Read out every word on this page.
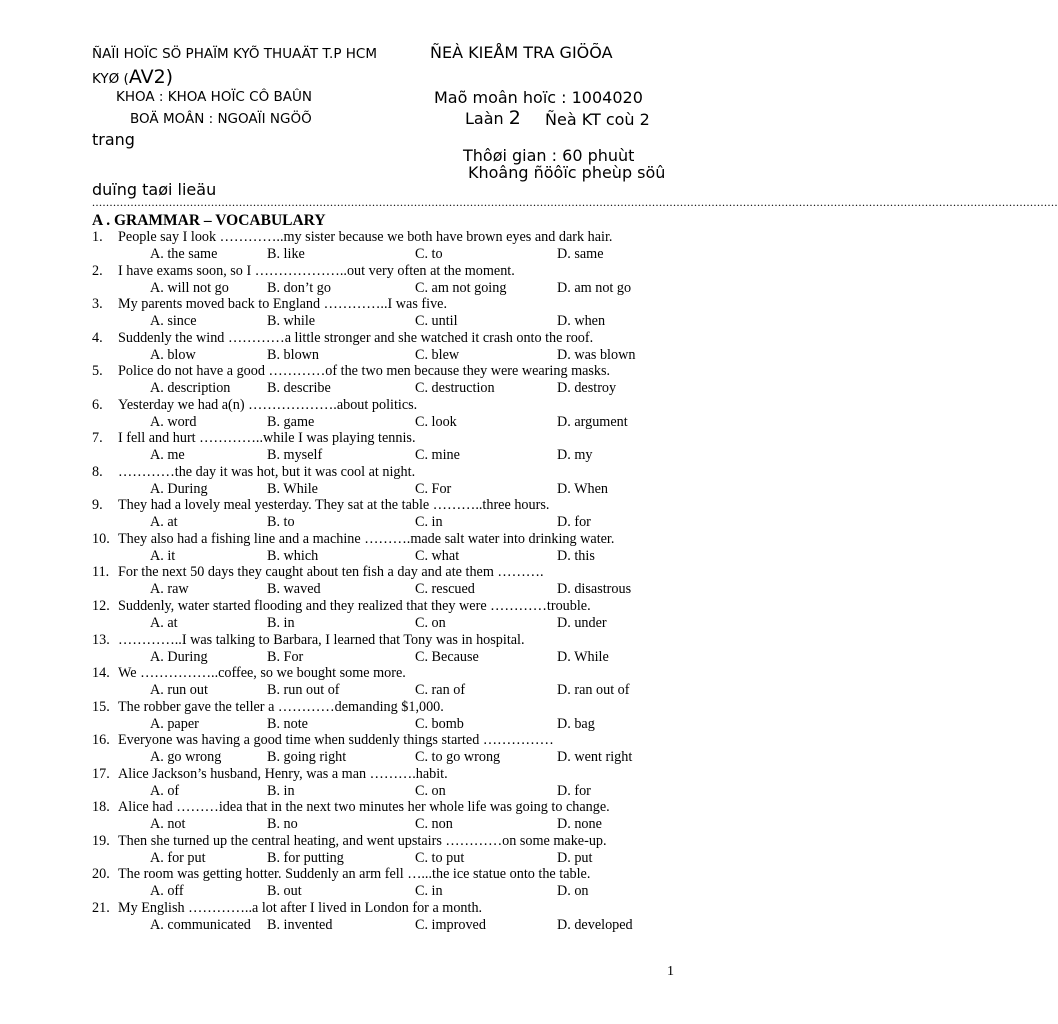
ÑAÏI HOÏC SÖ PHAÏM KYÕ THUAÄT T.P HCM	ÑEÀ KIEÅM TRA GIÖÕA
KYØ (AV2)
KHOA : KHOA HOÏC CÔ BAÛN	Maõ moân hoïc : 1004020
BOÄ MOÂN : NGOAÏI NGÖÕ	Laàn 2 Ñeà KT coù 2
trang
Thôøi gian : 60 phuùt
Khoâng ñöôïc pheùp söû
duïng taøi lieäu
....................................................................................................................................................................................................................................................................................
A . GRAMMAR – VOCABULARY
1. People say I look …………..my sister because we both have brown eyes and dark hair.
A. the same	B. like	C. to	D. same
2. I have exams soon, so I ………………..out very often at the moment.
A. will not go	B. don’t go	C. am not going	D. am not go
3. My parents moved back to England …………..I was five.
A. since	B. while	C. until	D. when
4. Suddenly the wind …………a little stronger and she watched it crash onto the roof.
A. blow	B. blown	C. blew	D. was blown
5. Police do not have a good …………of the two men because they were wearing masks.
A. description	B. describe	C. destruction	D. destroy
6. Yesterday we had a(n) ……………….about politics.
A. word	B. game	C. look	D. argument
7. I fell and hurt …………..while I was playing tennis.
A. me	B. myself	C. mine	D. my
8. …………the day it was hot, but it was cool at night.
A. During	B. While	C. For	D. When
9. They had a lovely meal yesterday. They sat at the table ………..three hours.
A. at	B. to	C. in	D. for
10. They also had a fishing line and a machine ……….made salt water into drinking water.
A. it	B. which	C. what	D. this
11. For the next 50 days they caught about ten fish a day and ate them ……….
A. raw	B. waved	C. rescued	D. disastrous
12. Suddenly, water started flooding and they realized that they were …………trouble.
A. at	B. in	C. on	D. under
13. …………..I was talking to Barbara, I learned that Tony was in hospital.
A. During	B. For	C. Because	D. While
14. We ……………..coffee, so we bought some more.
A. run out	B. run out of	C. ran of	D. ran out of
15. The robber gave the teller a …………demanding $1,000.
A. paper	B. note	C. bomb	D. bag
16. Everyone was having a good time when suddenly things started ……………
A. go wrong	B. going right	C. to go wrong	D. went right
17. Alice Jackson’s husband, Henry, was a man ……….habit.
A. of	B. in	C. on	D. for
18. Alice had ………idea that in the next two minutes her whole life was going to change.
A. not	B. no	C. non	D. none
19. Then she turned up the central heating, and went upstairs …………on some make-up.
A. for put	B. for putting	C. to put	D. put
20. The room was getting hotter. Suddenly an arm fell …...the ice statue onto the table.
A. off	B. out	C. in	D. on
21. My English …………..a lot after I lived in London for a month.
A. communicated B. invented	C. improved	D. developed
1
